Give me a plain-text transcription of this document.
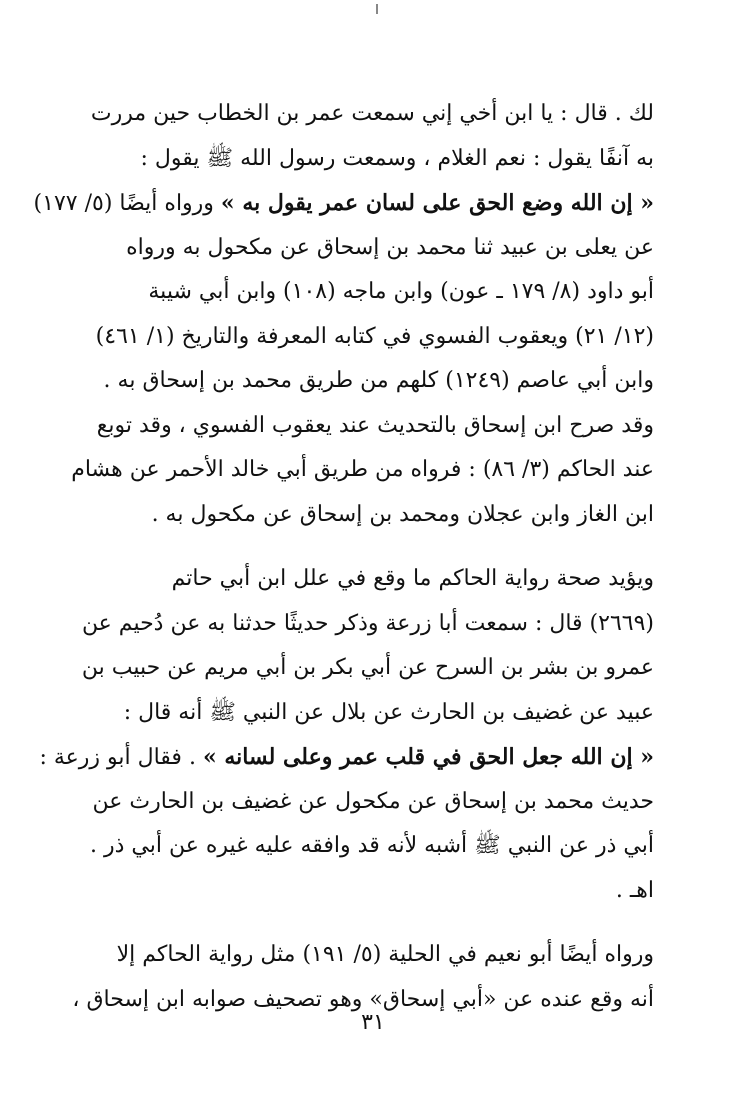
لك . قال : يا ابن أخي إني سمعت عمر بن الخطاب حين مررت
به آنفًا يقول : نعم الغلام ، وسمعت رسول الله ﷺ يقول :
« إن الله وضع الحق على لسان عمر يقول به » ورواه أيضًا (٥/ ١٧٧)
عن يعلى بن عبيد ثنا محمد بن إسحاق عن مكحول به ورواه
أبو داود (٨/ ١٧٩ ـ عون) وابن ماجه (١٠٨) وابن أبي شيبة
(١٢/ ٢١) ويعقوب الفسوي في كتابه المعرفة والتاريخ (١/ ٤٦١)
وابن أبي عاصم (١٢٤٩) كلهم من طريق محمد بن إسحاق به .
وقد صرح ابن إسحاق بالتحديث عند يعقوب الفسوي ، وقد توبع
عند الحاكم (٣/ ٨٦) : فرواه من طريق أبي خالد الأحمر عن هشام
ابن الغاز وابن عجلان ومحمد بن إسحاق عن مكحول به .
ويؤيد صحة رواية الحاكم ما وقع في علل ابن أبي حاتم
(٢٦٦٩) قال : سمعت أبا زرعة وذكر حديثًا حدثنا به عن دُحيم عن
عمرو بن بشر بن السرح عن أبي بكر بن أبي مريم عن حبيب بن
عبيد عن غضيف بن الحارث عن بلال عن النبي ﷺ أنه قال :
« إن الله جعل الحق في قلب عمر وعلى لسانه » . فقال أبو زرعة :
حديث محمد بن إسحاق عن مكحول عن غضيف بن الحارث عن
أبي ذر عن النبي ﷺ أشبه لأنه قد وافقه عليه غيره عن أبي ذر .
اهـ .
ورواه أيضًا أبو نعيم في الحلية (٥/ ١٩١) مثل رواية الحاكم إلا
أنه وقع عنده عن «أبي إسحاق» وهو تصحيف صوابه ابن إسحاق ،
٣١
